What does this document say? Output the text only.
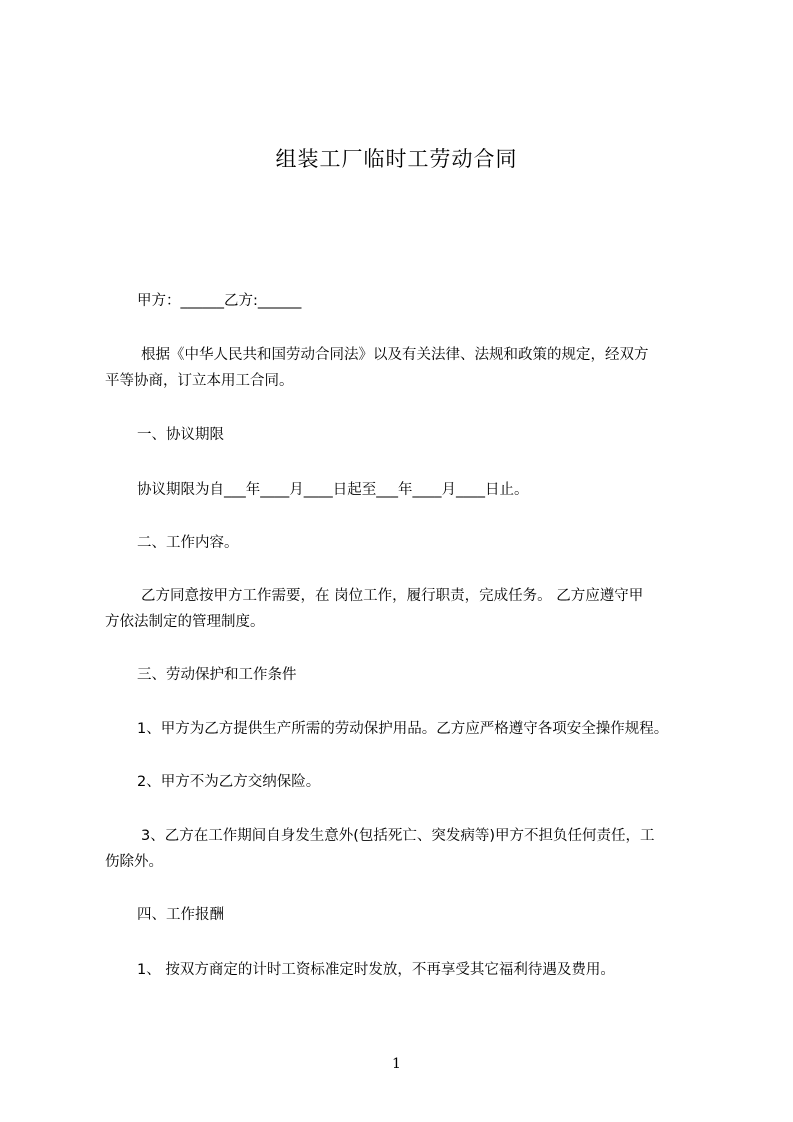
组装工厂临时工劳动合同
甲方：______乙方:______
根据《中华人民共和国劳动合同法》以及有关法律、法规和政策的规定，经双方
平等协商，订立本用工合同。
一、协议期限
协议期限为自___年____月____日起至___年____月____日止。
二、工作内容。
乙方同意按甲方工作需要，在 岗位工作，履行职责，完成任务。 乙方应遵守甲
方依法制定的管理制度。
三、劳动保护和工作条件
1、甲方为乙方提供生产所需的劳动保护用品。乙方应严格遵守各项安全操作规程。
2、甲方不为乙方交纳保险。
3、乙方在工作期间自身发生意外(包括死亡、突发病等)甲方不担负任何责任，工
伤除外。
四、工作报酬
1、 按双方商定的计时工资标准定时发放，不再享受其它福利待遇及费用。
1
